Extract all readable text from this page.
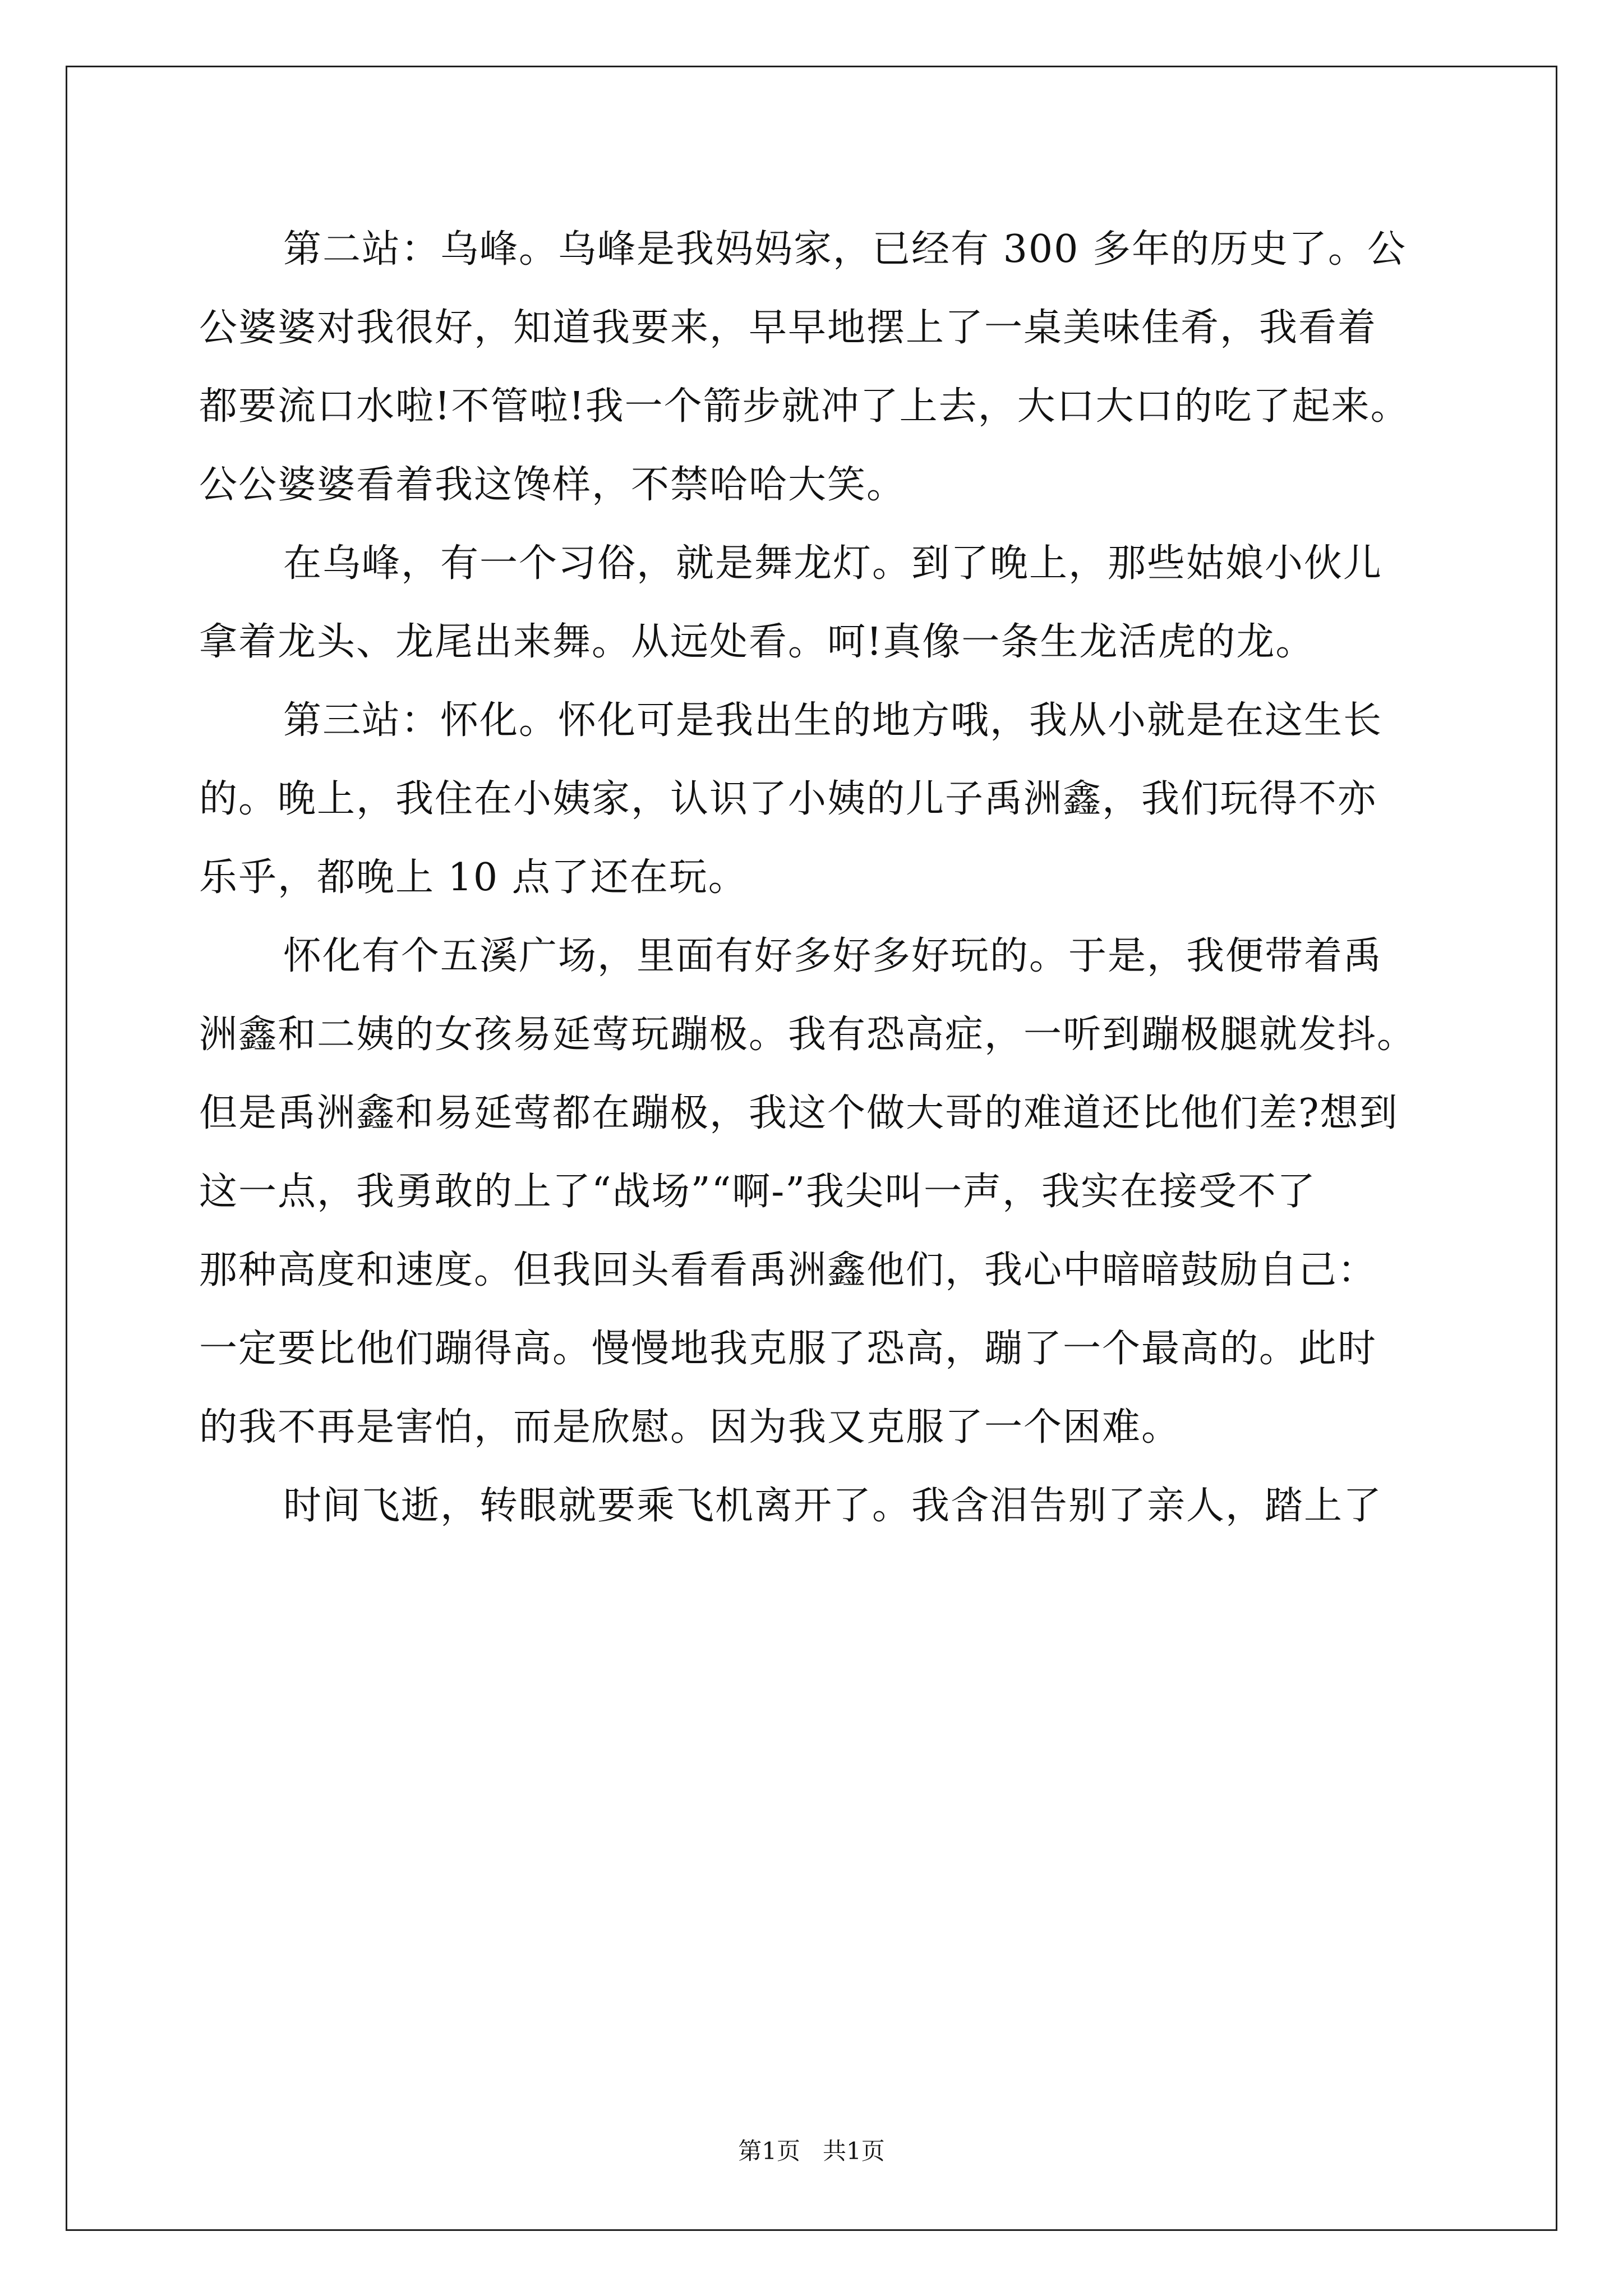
第二站：乌峰。乌峰是我妈妈家，已经有 300 多年的历史了。公
公婆婆对我很好，知道我要来，早早地摆上了一桌美味佳肴，我看着
都要流口水啦!不管啦!我一个箭步就冲了上去，大口大口的吃了起来。
公公婆婆看着我这馋样，不禁哈哈大笑。
在乌峰，有一个习俗，就是舞龙灯。到了晚上，那些姑娘小伙儿
拿着龙头、龙尾出来舞。从远处看。呵!真像一条生龙活虎的龙。
第三站：怀化。怀化可是我出生的地方哦，我从小就是在这生长
的。晚上，我住在小姨家，认识了小姨的儿子禹洲鑫，我们玩得不亦
乐乎，都晚上 10 点了还在玩。
怀化有个五溪广场，里面有好多好多好玩的。于是，我便带着禹
洲鑫和二姨的女孩易延莺玩蹦极。我有恐高症，一听到蹦极腿就发抖。
但是禹洲鑫和易延莺都在蹦极，我这个做大哥的难道还比他们差?想到
这一点，我勇敢的上了“战场”“啊-”我尖叫一声，我实在接受不了
那种高度和速度。但我回头看看禹洲鑫他们，我心中暗暗鼓励自己：
一定要比他们蹦得高。慢慢地我克服了恐高，蹦了一个最高的。此时
的我不再是害怕，而是欣慰。因为我又克服了一个困难。
时间飞逝，转眼就要乘飞机离开了。我含泪告别了亲人，踏上了
第1页   共1页
